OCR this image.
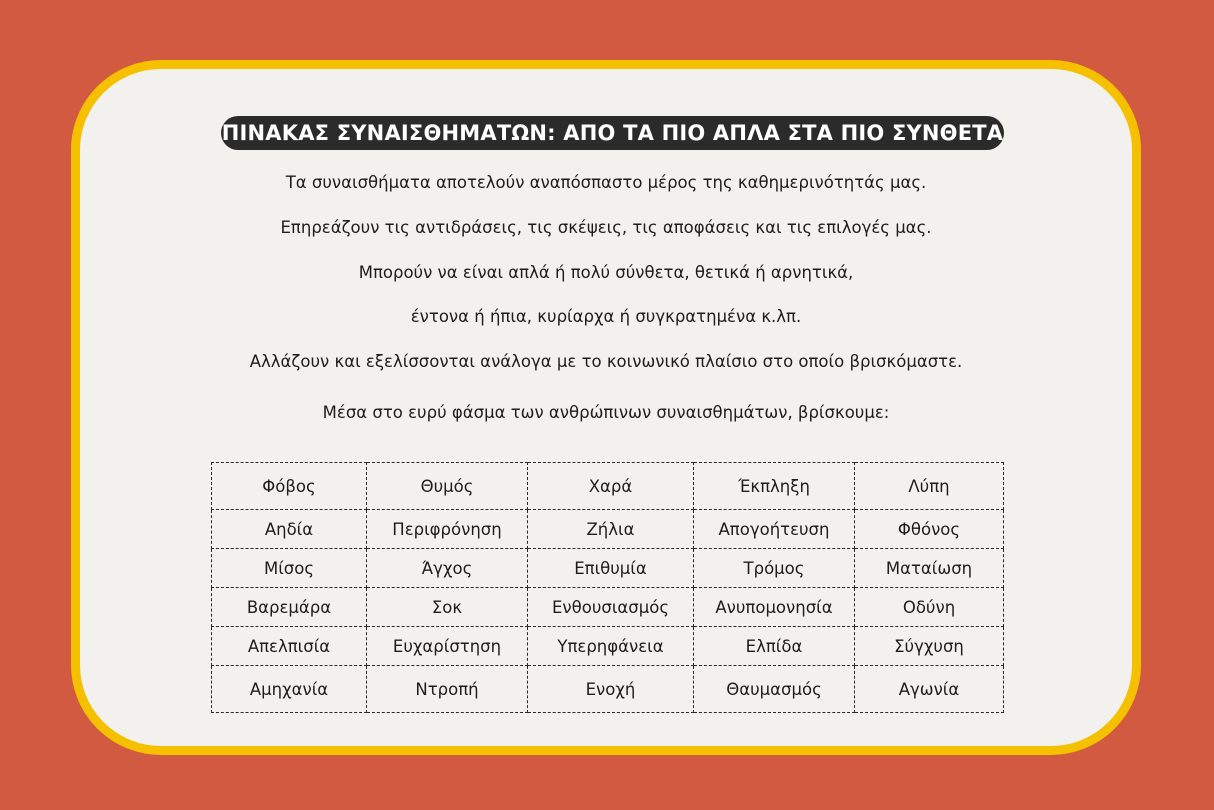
ΠΙΝΑΚΑΣ ΣΥΝΑΙΣΘΗΜΑΤΩΝ: ΑΠΟ ΤΑ ΠΙΟ ΑΠΛΑ ΣΤΑ ΠΙΟ ΣΥΝΘΕΤΑ
Τα συναισθήματα αποτελούν αναπόσπαστο μέρος της καθημερινότητάς μας.
Επηρεάζουν τις αντιδράσεις, τις σκέψεις, τις αποφάσεις και τις επιλογές μας.
Μπορούν να είναι απλά ή πολύ σύνθετα, θετικά ή αρνητικά,
έντονα ή ήπια, κυρίαρχα ή συγκρατημένα κ.λπ.
Αλλάζουν και εξελίσσονται ανάλογα με το κοινωνικό πλαίσιο στο οποίο βρισκόμαστε.
Μέσα στο ευρύ φάσμα των ανθρώπινων συναισθημάτων, βρίσκουμε:
Φόβος	Θυμός	Χαρά	Έκπληξη	Λύπη
Αηδία	Περιφρόνηση	Ζήλια	Απογοήτευση	Φθόνος
Μίσος	Άγχος	Επιθυμία	Τρόμος	Ματαίωση
Βαρεμάρα	Σοκ	Ενθουσιασμός	Ανυπομονησία	Οδύνη
Απελπισία	Ευχαρίστηση	Υπερηφάνεια	Ελπίδα	Σύγχυση
Αμηχανία	Ντροπή	Ενοχή	Θαυμασμός	Αγωνία
